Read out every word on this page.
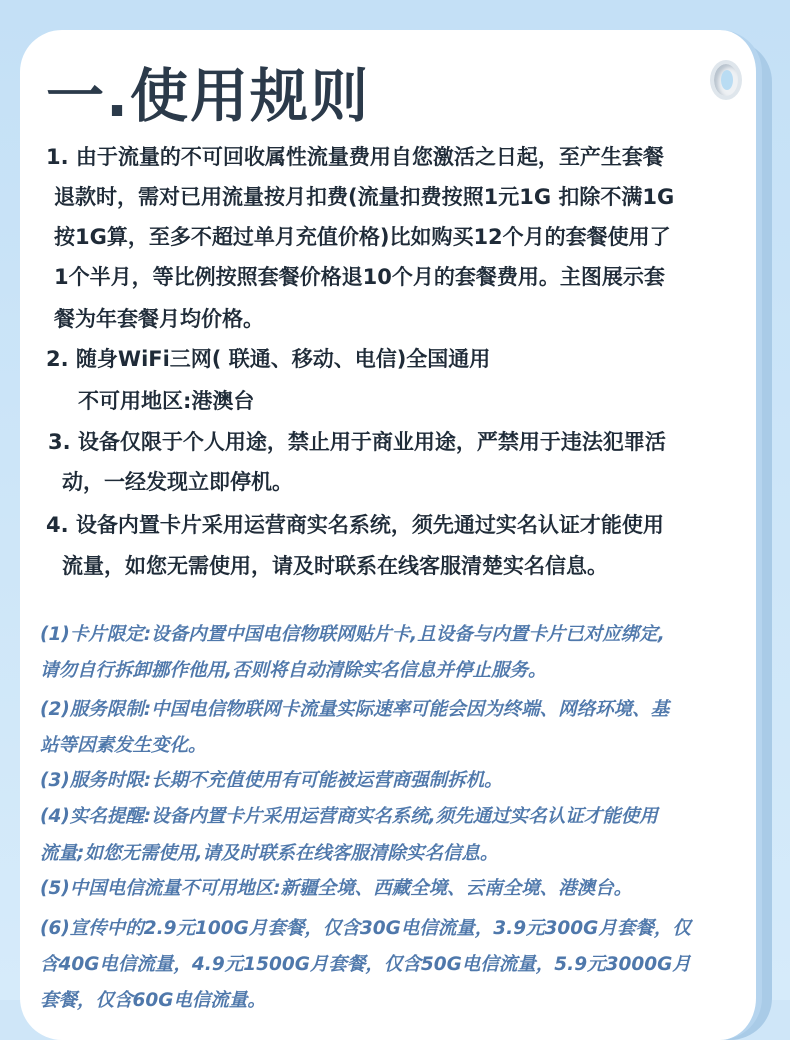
一.使用规则
1. 由于流量的不可回收属性流量费用自您激活之日起，至产生套餐
退款时，需对已用流量按月扣费(流量扣费按照1元1G 扣除不满1G
按1G算，至多不超过单月充值价格)比如购买12个月的套餐使用了
1个半月，等比例按照套餐价格退10个月的套餐费用。主图展示套
餐为年套餐月均价格。
2. 随身WiFi三网( 联通、移动、电信)全国通用
不可用地区:港澳台
3. 设备仅限于个人用途，禁止用于商业用途，严禁用于违法犯罪活
动，一经发现立即停机。
4. 设备内置卡片采用运营商实名系统，须先通过实名认证才能使用
流量，如您无需使用，请及时联系在线客服清楚实名信息。
(1)卡片限定:设备内置中国电信物联网贴片卡,且设备与内置卡片已对应绑定,
请勿自行拆卸挪作他用,否则将自动清除实名信息并停止服务。
(2)服务限制:中国电信物联网卡流量实际速率可能会因为终端、网络环境、基
站等因素发生变化。
(3)服务时限:长期不充值使用有可能被运营商强制拆机。
(4)实名提醒:设备内置卡片采用运营商实名系统,须先通过实名认证才能使用
流量;如您无需使用,请及时联系在线客服清除实名信息。
(5)中国电信流量不可用地区:新疆全境、西藏全境、云南全境、港澳台。
(6)宣传中的2.9元100G月套餐，仅含30G电信流量，3.9元300G月套餐，仅
含40G电信流量，4.9元1500G月套餐，仅含50G电信流量，5.9元3000G月
套餐，仅含60G电信流量。
